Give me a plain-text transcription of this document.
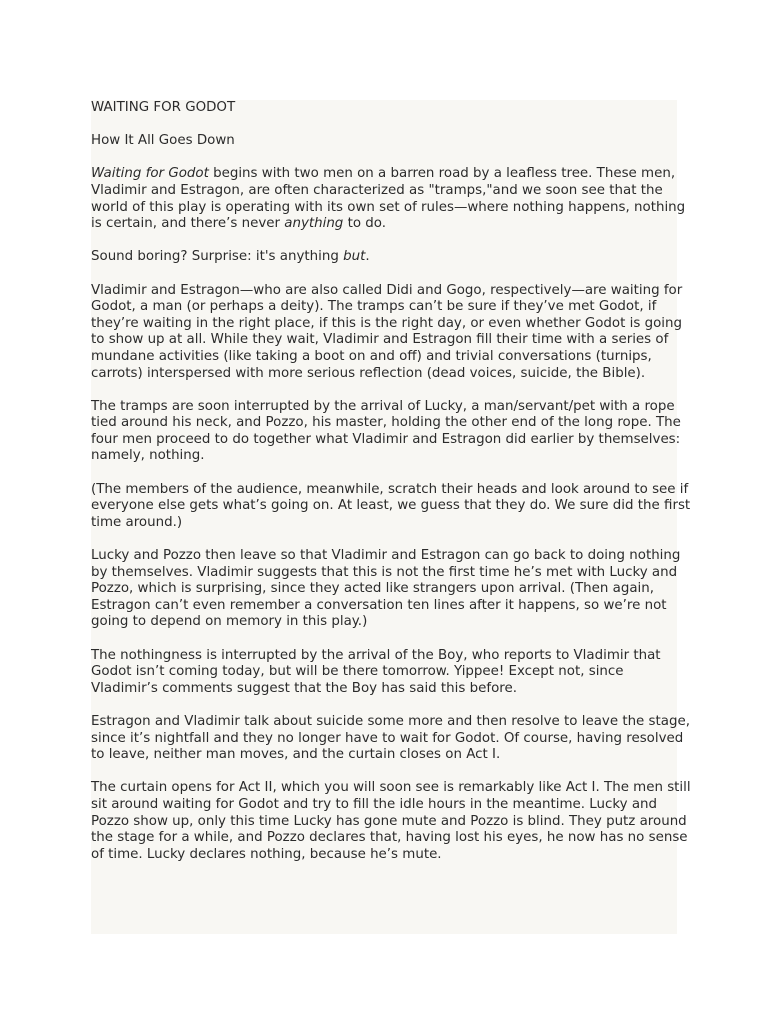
WAITING FOR GODOT

How It All Goes Down

Waiting for Godot begins with two men on a barren road by a leafless tree. These men, Vladimir and Estragon, are often characterized as "tramps,"and we soon see that the world of this play is operating with its own set of rules—where nothing happens, nothing is certain, and there’s never anything to do.

Sound boring? Surprise: it's anything but.

Vladimir and Estragon—who are also called Didi and Gogo, respectively—are waiting for Godot, a man (or perhaps a deity). The tramps can’t be sure if they’ve met Godot, if they’re waiting in the right place, if this is the right day, or even whether Godot is going to show up at all. While they wait, Vladimir and Estragon fill their time with a series of mundane activities (like taking a boot on and off) and trivial conversations (turnips, carrots) interspersed with more serious reflection (dead voices, suicide, the Bible).

The tramps are soon interrupted by the arrival of Lucky, a man/servant/pet with a rope tied around his neck, and Pozzo, his master, holding the other end of the long rope. The four men proceed to do together what Vladimir and Estragon did earlier by themselves: namely, nothing.

(The members of the audience, meanwhile, scratch their heads and look around to see if everyone else gets what’s going on. At least, we guess that they do. We sure did the first time around.)

Lucky and Pozzo then leave so that Vladimir and Estragon can go back to doing nothing by themselves. Vladimir suggests that this is not the first time he’s met with Lucky and Pozzo, which is surprising, since they acted like strangers upon arrival. (Then again, Estragon can’t even remember a conversation ten lines after it happens, so we’re not going to depend on memory in this play.)

The nothingness is interrupted by the arrival of the Boy, who reports to Vladimir that Godot isn’t coming today, but will be there tomorrow. Yippee! Except not, since Vladimir’s comments suggest that the Boy has said this before.

Estragon and Vladimir talk about suicide some more and then resolve to leave the stage, since it’s nightfall and they no longer have to wait for Godot. Of course, having resolved to leave, neither man moves, and the curtain closes on Act I.

The curtain opens for Act II, which you will soon see is remarkably like Act I. The men still sit around waiting for Godot and try to fill the idle hours in the meantime. Lucky and Pozzo show up, only this time Lucky has gone mute and Pozzo is blind. They putz around the stage for a while, and Pozzo declares that, having lost his eyes, he now has no sense of time. Lucky declares nothing, because he’s mute.
